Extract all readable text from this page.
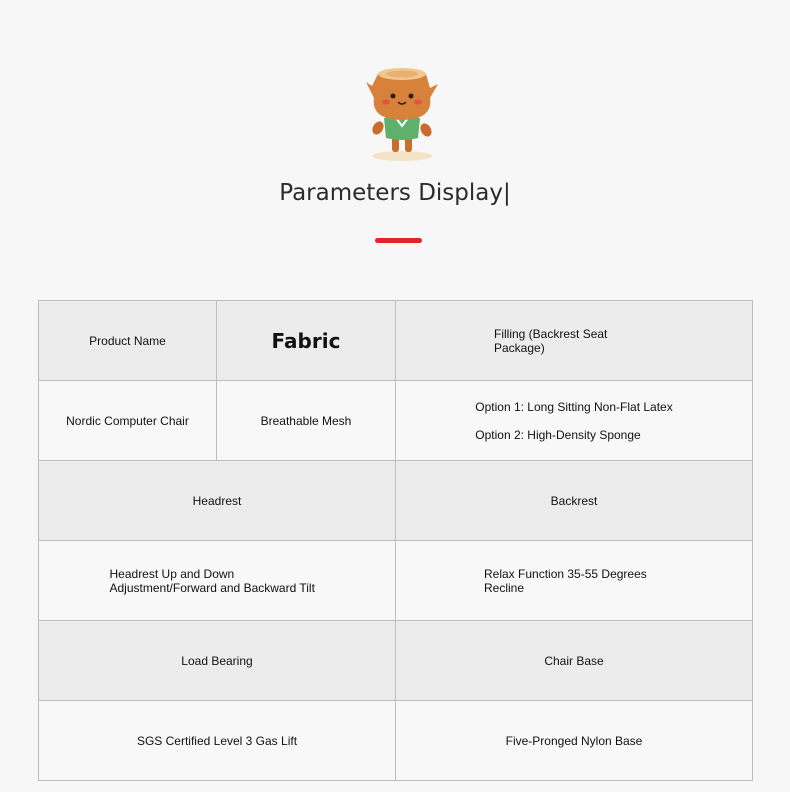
Parameters Display|
Product Name	Fabric	Filling (Backrest Seat Package)
Nordic Computer Chair	Breathable Mesh	Option 1: Long Sitting Non-Flat Latex
Option 2: High-Density Sponge

Headrest		Backrest
Headrest Up and Down Adjustment/Forward and Backward Tilt		Relax Function 35-55 Degrees Recline
Load Bearing		Chair Base
SGS Certified Level 3 Gas Lift		Five-Pronged Nylon Base
